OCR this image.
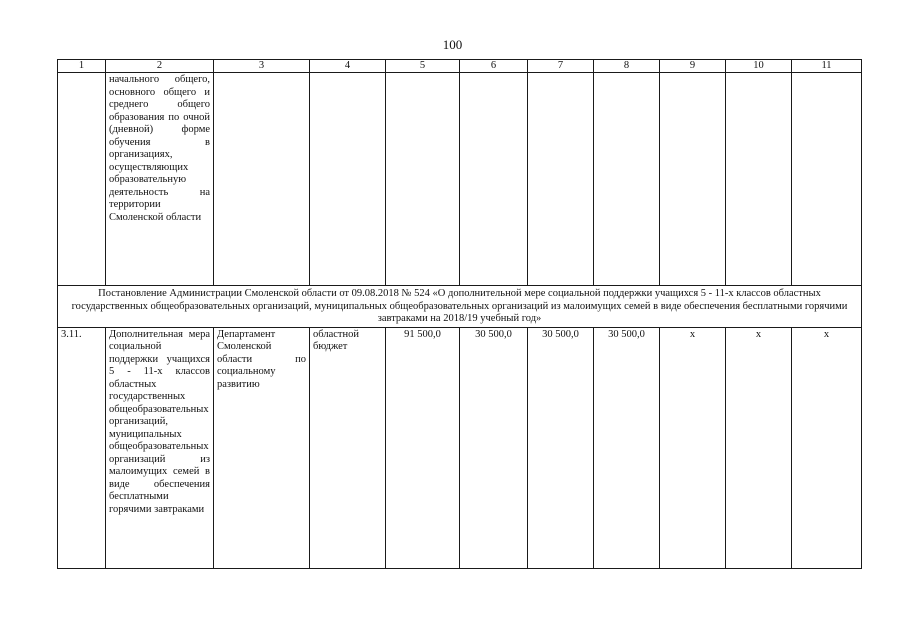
100
1	2	3	4	5	6	7	8	9	10	11
	начального общего, основного общего и среднего общего образования по очной (дневной) форме обучения в организациях, осуществляющих образовательную деятельность на территории Смоленской области									
Постановление Администрации Смоленской области от 09.08.2018 № 524 «О дополнительной мере социальной поддержки учащихся 5 - 11-х классов областных государственных общеобразовательных организаций, муниципальных общеобразовательных организаций из малоимущих семей в виде обеспечения бесплатными горячими завтраками на 2018/19 учебный год»										
3.11.	Дополнительная мера социальной поддержки учащихся 5 - 11-х классов областных государственных общеобразовательных организаций, муниципальных общеобразовательных организаций из малоимущих семей в виде обеспечения бесплатными горячими завтраками	Департамент Смоленской области по социальному развитию	областной бюджет	91 500,0	30 500,0	30 500,0	30 500,0	х	х	х
